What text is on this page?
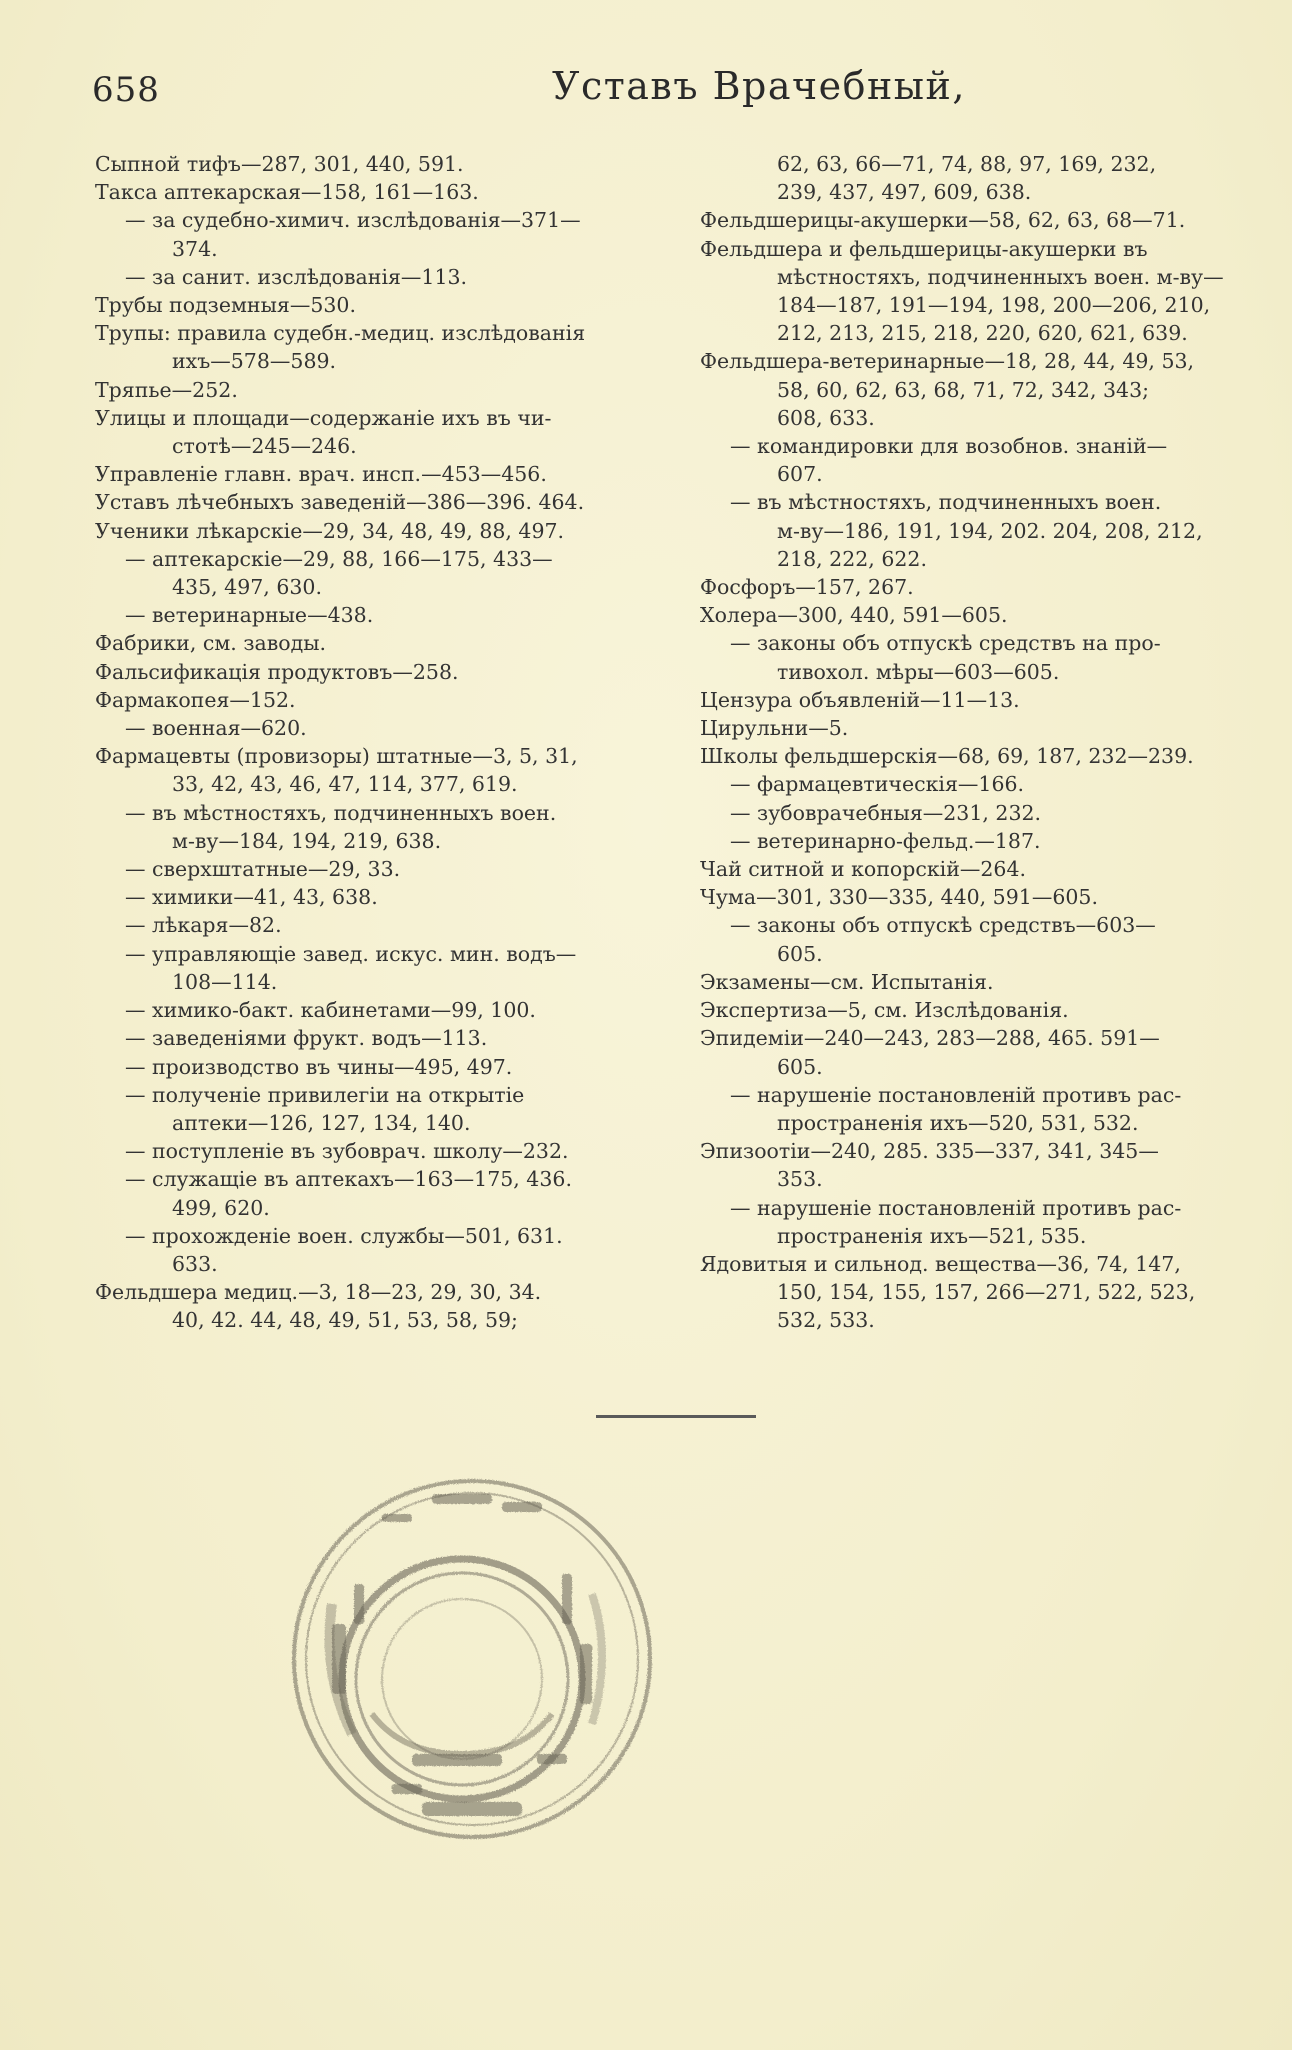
658	Уставъ Врачебный,
Сыпной тифъ—287, 301, 440, 591.
Такса аптекарская—158, 161—163.
— за судебно-химич. изслѣдованія—371—
374.
— за санит. изслѣдованія—113.
Трубы подземныя—530.
Трупы: правила судебн.-медиц. изслѣдованія
ихъ—578—589.
Тряпье—252.
Улицы и площади—содержаніе ихъ въ чи-
стотѣ—245—246.
Управленіе главн. врач. инсп.—453—456.
Уставъ лѣчебныхъ заведеній—386—396. 464.
Ученики лѣкарскіе—29, 34, 48, 49, 88, 497.
— аптекарскіе—29, 88, 166—175, 433—
435, 497, 630.
— ветеринарные—438.
Фабрики, см. заводы.
Фальсификація продуктовъ—258.
Фармакопея—152.
— военная—620.
Фармацевты (провизоры) штатные—3, 5, 31,
33, 42, 43, 46, 47, 114, 377, 619.
— въ мѣстностяхъ, подчиненныхъ воен.
м-ву—184, 194, 219, 638.
— сверхштатные—29, 33.
— химики—41, 43, 638.
— лѣкаря—82.
— управляющіе завед. искус. мин. водъ—
108—114.
— химико-бакт. кабинетами—99, 100.
— заведеніями фрукт. водъ—113.
— производство въ чины—495, 497.
— полученіе привилегіи на открытіе
аптеки—126, 127, 134, 140.
— поступленіе въ зубоврач. школу—232.
— служащіе въ аптекахъ—163—175, 436.
499, 620.
— прохожденіе воен. службы—501, 631.
633.
Фельдшера медиц.—3, 18—23, 29, 30, 34.
40, 42. 44, 48, 49, 51, 53, 58, 59;
62, 63, 66—71, 74, 88, 97, 169, 232,
239, 437, 497, 609, 638.
Фельдшерицы-акушерки—58, 62, 63, 68—71.
Фельдшера и фельдшерицы-акушерки въ
мѣстностяхъ, подчиненныхъ воен. м-ву—
184—187, 191—194, 198, 200—206, 210,
212, 213, 215, 218, 220, 620, 621, 639.
Фельдшера-ветеринарные—18, 28, 44, 49, 53,
58, 60, 62, 63, 68, 71, 72, 342, 343;
608, 633.
— командировки для возобнов. знаній—
607.
— въ мѣстностяхъ, подчиненныхъ воен.
м-ву—186, 191, 194, 202. 204, 208, 212,
218, 222, 622.
Фосфоръ—157, 267.
Холера—300, 440, 591—605.
— законы объ отпускѣ средствъ на про-
тивохол. мѣры—603—605.
Цензура объявленій—11—13.
Цирульни—5.
Школы фельдшерскія—68, 69, 187, 232—239.
— фармацевтическія—166.
— зубоврачебныя—231, 232.
— ветеринарно-фельд.—187.
Чай ситной и копорскій—264.
Чума—301, 330—335, 440, 591—605.
— законы объ отпускѣ средствъ—603—
605.
Экзамены—см. Испытанія.
Экспертиза—5, см. Изслѣдованія.
Эпидеміи—240—243, 283—288, 465. 591—
605.
— нарушеніе постановленій противъ рас-
пространенія ихъ—520, 531, 532.
Эпизоотіи—240, 285. 335—337, 341, 345—
353.
— нарушеніе постановленій противъ рас-
пространенія ихъ—521, 535.
Ядовитыя и сильнод. вещества—36, 74, 147,
150, 154, 155, 157, 266—271, 522, 523,
532, 533.
